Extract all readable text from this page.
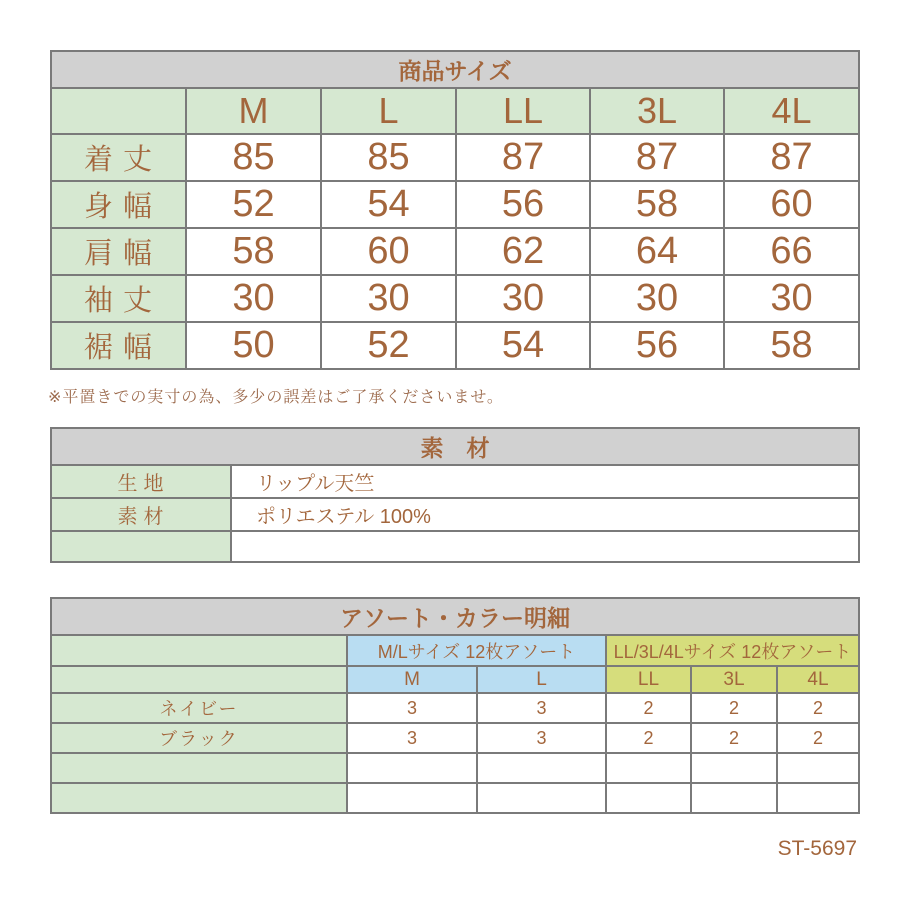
商品サイズ					
	M	L	LL	3L	4L
着丈	85	85	87	87	87
身幅	52	54	56	58	60
肩幅	58	60	62	64	66
袖丈	30	30	30	30	30
裾幅	50	52	54	56	58
※平置きでの実寸の為、多少の誤差はご了承くださいませ。
素　材	
生地	リップル天竺
素材	ポリエステル 100%

アソート・カラー明細					
	M/Lサイズ 12枚アソート		LL/3L/4Lサイズ 12枚アソート		
	M	L	LL	3L	4L
ネイビー	3	3	2	2	2
ブラック	3	3	2	2	2

ST-5697
